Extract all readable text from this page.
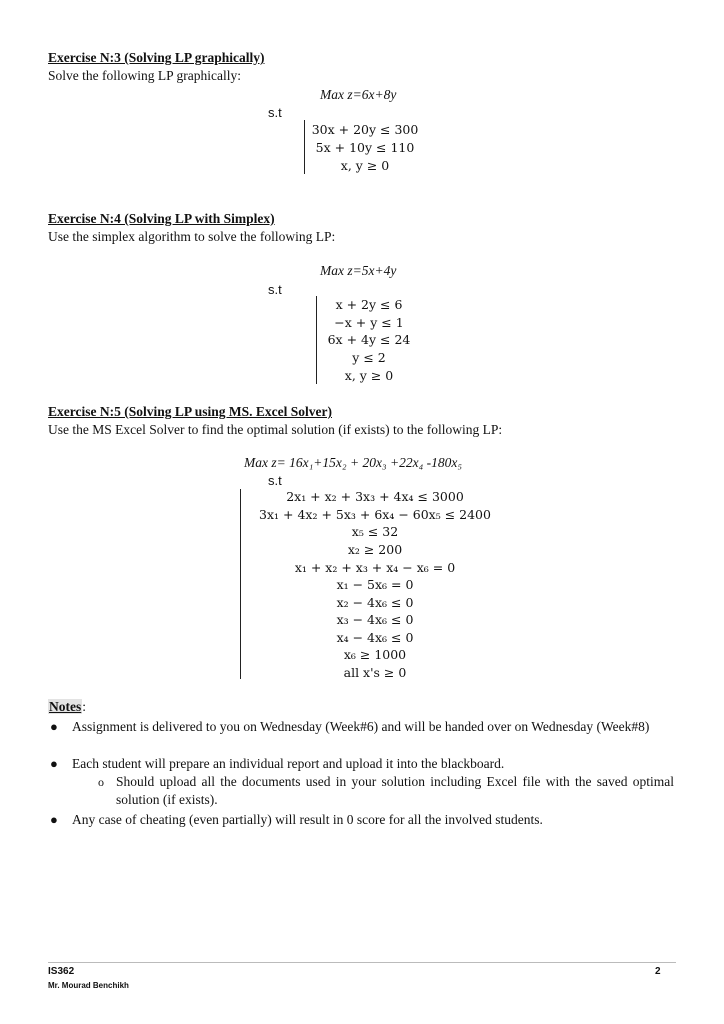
Exercise N:3 (Solving LP graphically)
Solve the following LP graphically:
Max z=6x+8y
s.t
30x + 20y ≤ 300
5x + 10y ≤ 110
x, y ≥ 0
Exercise N:4 (Solving LP with Simplex)
Use the simplex algorithm to solve the following LP:
Max z=5x+4y
s.t
x + 2y ≤ 6
−x + y ≤ 1
6x + 4y ≤ 24
y ≤ 2
x, y ≥ 0
Exercise N:5 (Solving LP using MS. Excel Solver)
Use the MS Excel Solver to find the optimal solution (if exists) to the following LP:
Max z= 16x₁+15x₂ + 20x₃ +22x₄ -180x₅
s.t
2x₁ + x₂ + 3x₃ + 4x₄ ≤ 3000
3x₁ + 4x₂ + 5x₃ + 6x₄ − 60x₅ ≤ 2400
x₅ ≤ 32
x₂ ≥ 200
x₁ + x₂ + x₃ + x₄ − x₆ = 0
x₁ − 5x₆ = 0
x₂ − 4x₆ ≤ 0
x₃ − 4x₆ ≤ 0
x₄ − 4x₆ ≤ 0
x₆ ≥ 1000
all x's ≥ 0
Notes:
● Assignment is delivered to you on Wednesday (Week#6) and will be handed over on Wednesday (Week#8)
● Each student will prepare an individual report and upload it into the blackboard.
o Should upload all the documents used in your solution including Excel file with the saved optimal solution (if exists).
● Any case of cheating (even partially) will result in 0 score for all the involved students.
IS362
Mr. Mourad Benchikh
2
